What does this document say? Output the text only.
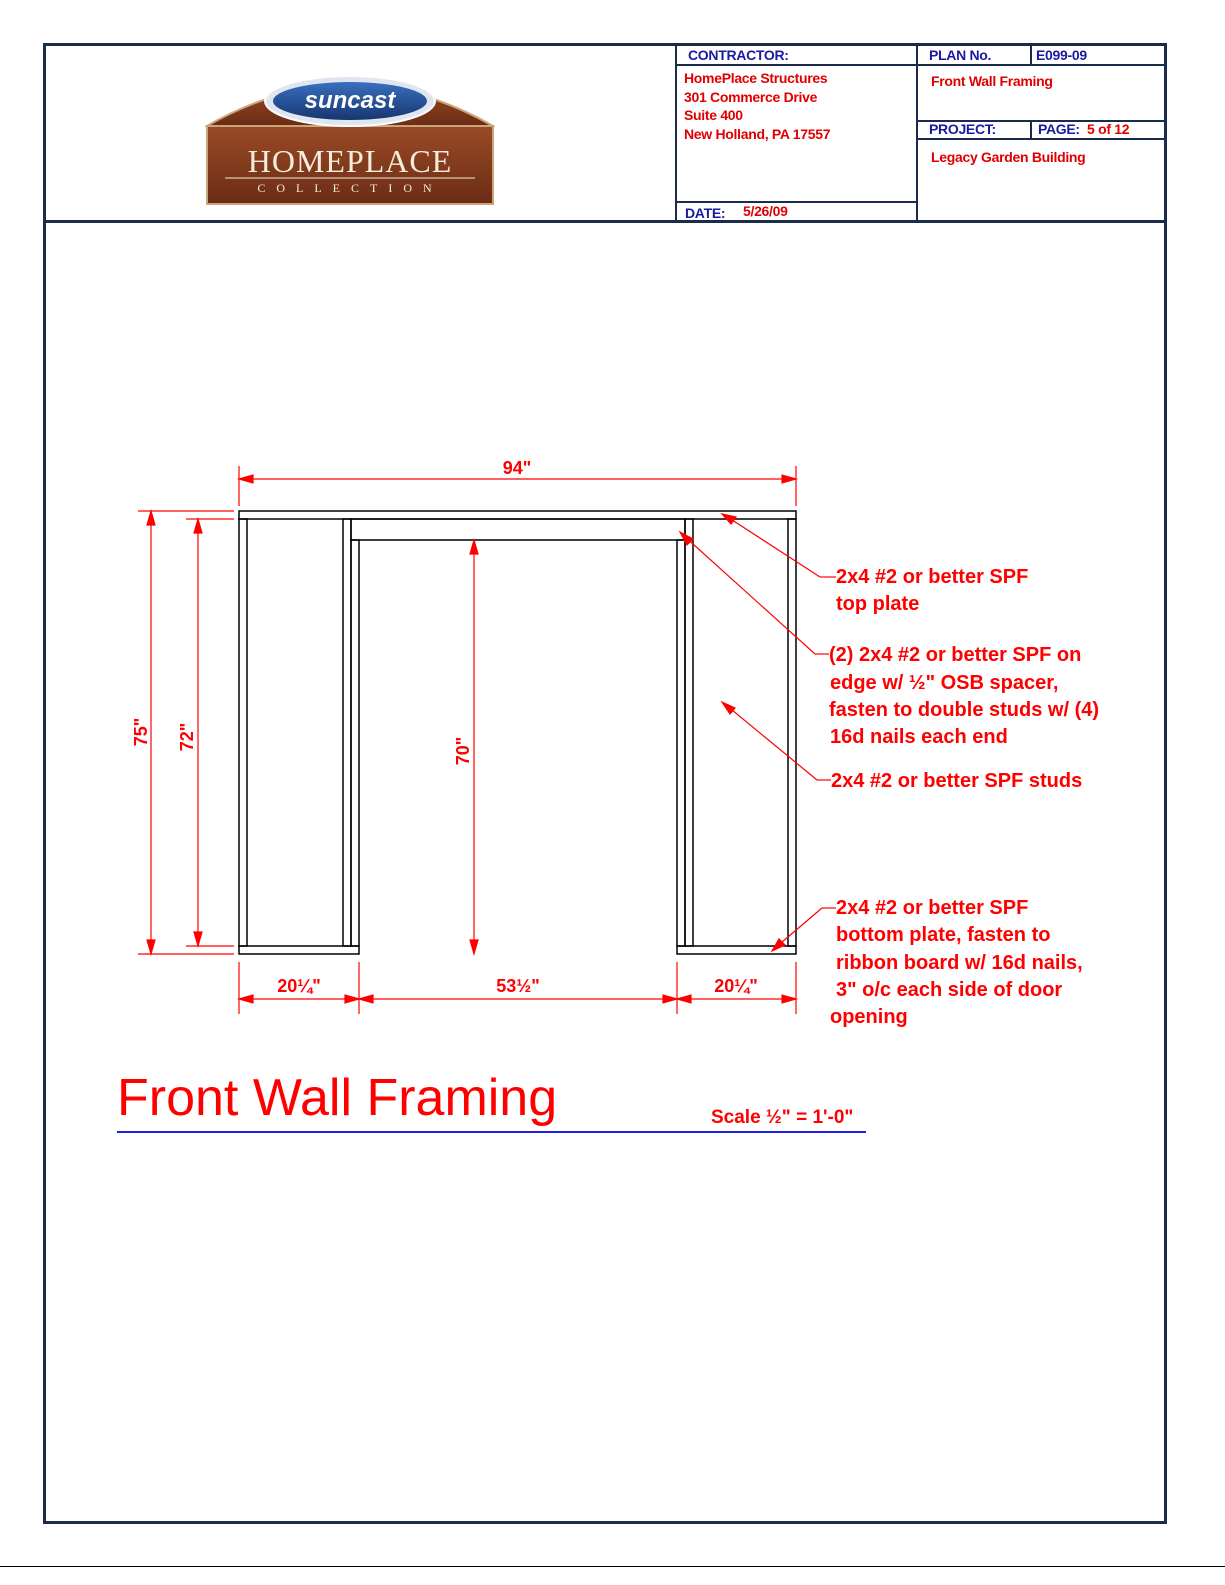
CONTRACTOR:
HomePlace Structures
301 Commerce Drive
Suite 400
New Holland, PA 17557
DATE: 5/26/09
PLAN No.	E099-09
Front Wall Framing
PROJECT:	PAGE: 5 of 12
Legacy Garden Building
suncast
HOMEPLACE
COLLECTION
94"
20¼"	53½"	20¼"
75" 72"	70"
2x4 #2 or better SPF
top plate
(2) 2x4 #2 or better SPF on
edge w/ ½" OSB spacer,
fasten to double studs w/ (4)
16d nails each end
2x4 #2 or better SPF studs
2x4 #2 or better SPF
bottom plate, fasten to
ribbon board w/ 16d nails,
3" o/c each side of door
opening
Front Wall Framing	Scale ½" = 1'-0"
